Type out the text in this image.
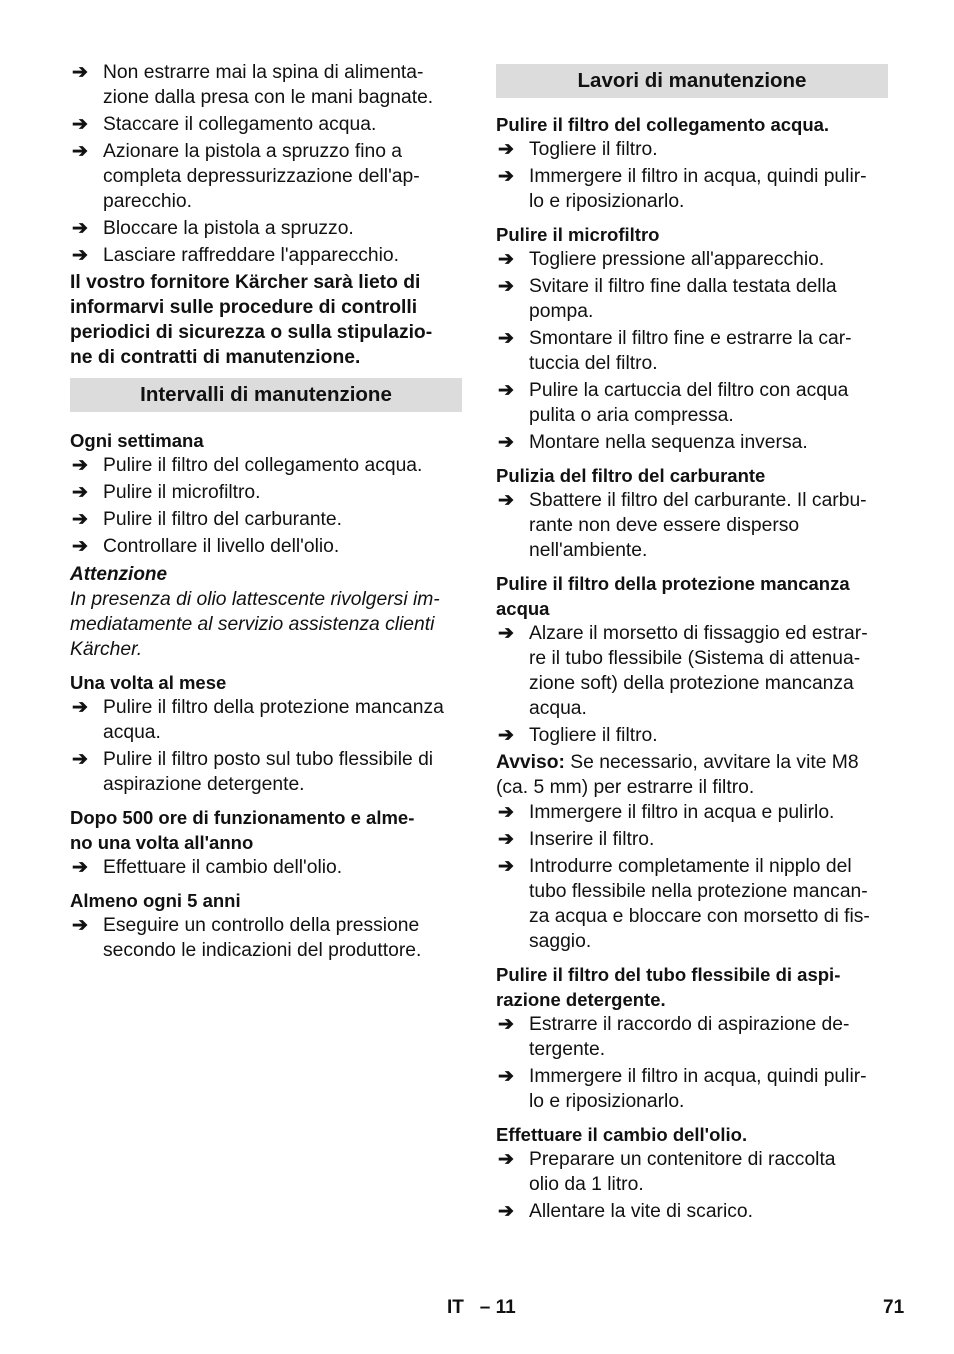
➔ Non estrarre mai la spina di alimenta-
zione dalla presa con le mani bagnate.
➔ Staccare il collegamento acqua.
➔ Azionare la pistola a spruzzo fino a
completa depressurizzazione dell'ap-
parecchio.
➔ Bloccare la pistola a spruzzo.
➔ Lasciare raffreddare l'apparecchio.

Il vostro fornitore Kärcher sarà lieto di
informarvi sulle procedure di controlli
periodici di sicurezza o sulla stipulazio-
ne di contratti di manutenzione.

Intervalli di manutenzione
Ogni settimana
➔ Pulire il filtro del collegamento acqua.
➔ Pulire il microfiltro.
➔ Pulire il filtro del carburante.
➔ Controllare il livello dell'olio.
Attenzione
In presenza di olio lattescente rivolgersi im-
mediatamente al servizio assistenza clienti
Kärcher.
Una volta al mese
➔ Pulire il filtro della protezione mancanza
acqua.
➔ Pulire il filtro posto sul tubo flessibile di
aspirazione detergente.
Dopo 500 ore di funzionamento e alme-
no una volta all'anno
➔ Effettuare il cambio dell'olio.
Almeno ogni 5 anni
➔ Eseguire un controllo della pressione
secondo le indicazioni del produttore.
Lavori di manutenzione
Pulire il filtro del collegamento acqua.
➔ Togliere il filtro.
➔ Immergere il filtro in acqua, quindi pulir-
lo e riposizionarlo.
Pulire il microfiltro
➔ Togliere pressione all'apparecchio.
➔ Svitare il filtro fine dalla testata della
pompa.
➔ Smontare il filtro fine e estrarre la car-
tuccia del filtro.
➔ Pulire la cartuccia del filtro con acqua
pulita o aria compressa.
➔ Montare nella sequenza inversa.
Pulizia del filtro del carburante
➔ Sbattere il filtro del carburante. Il carbu-
rante non deve essere disperso
nell'ambiente.
Pulire il filtro della protezione mancanza
acqua
➔ Alzare il morsetto di fissaggio ed estrar-
re il tubo flessibile (Sistema di attenua-
zione soft) della protezione mancanza
acqua.
➔ Togliere il filtro.
Avviso: Se necessario, avvitare la vite M8
(ca. 5 mm) per estrarre il filtro.
➔ Immergere il filtro in acqua e pulirlo.
➔ Inserire il filtro.
➔ Introdurre completamente il nipplo del
tubo flessibile nella protezione mancan-
za acqua e bloccare con morsetto di fis-
saggio.
Pulire il filtro del tubo flessibile di aspi-
razione detergente.
➔ Estrarre il raccordo di aspirazione de-
tergente.
➔ Immergere il filtro in acqua, quindi pulir-
lo e riposizionarlo.
Effettuare il cambio dell'olio.
➔ Preparare un contenitore di raccolta
olio da 1 litro.
➔ Allentare la vite di scarico.
IT   – 11	71
